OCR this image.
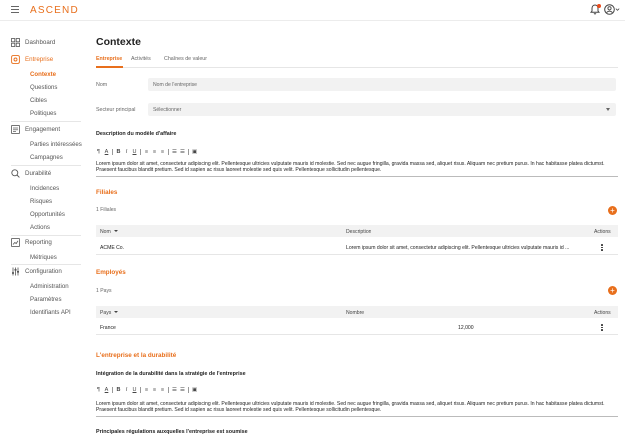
ASCEND
Dashboard
Entreprise
Contexte
Questions
Cibles
Politiques
Engagement
Parties intéressées
Campagnes
Durabilité
Incidences
Risques
Opportunités
Actions
Reporting
Métriques
Configuration
Administration
Paramètres
Identifiants API
Contexte
Entreprise Activités	Chaînes de valeur
Nom	Nom de l'entreprise
Secteur principal	Sélectionner
Description du modèle d'affaire
¶ A B I U ≡ ≡ ≡ ☰ ☰ ▣
Lorem ipsum dolor sit amet, consectetur adipiscing elit. Pellentesque ultricies vulputate mauris id molestie. Sed nec augue fringilla, gravida massa sed, aliquet risus. Aliquam nec pretium purus. In hac habitasse platea dictumst.
Praesent faucibus blandit pretium. Sed id sapien ac risus laoreet molestie sed quis velit. Pellentesque sollicitudin pellentesque.
Filiales
1 Filiales	+
Nom	Description	Actions
ACME Co.	Lorem ipsum dolor sit amet, consectetur adipiscing elit. Pellentesque ultricies vulputate mauris id ...
Employés
1 Pays	+
Pays	Nombre	Actions
France	12,000
L'entreprise et la durabilité
Intégration de la durabilité dans la stratégie de l'entreprise
¶ A B I U ≡ ≡ ≡ ☰ ☰ ▣
Lorem ipsum dolor sit amet, consectetur adipiscing elit. Pellentesque ultricies vulputate mauris id molestie. Sed nec augue fringilla, gravida massa sed, aliquet risus. Aliquam nec pretium purus. In hac habitasse platea dictumst.
Praesent faucibus blandit pretium. Sed id sapien ac risus laoreet molestie sed quis velit. Pellentesque sollicitudin pellentesque.
Principales régulations auxquelles l'entreprise est soumise
